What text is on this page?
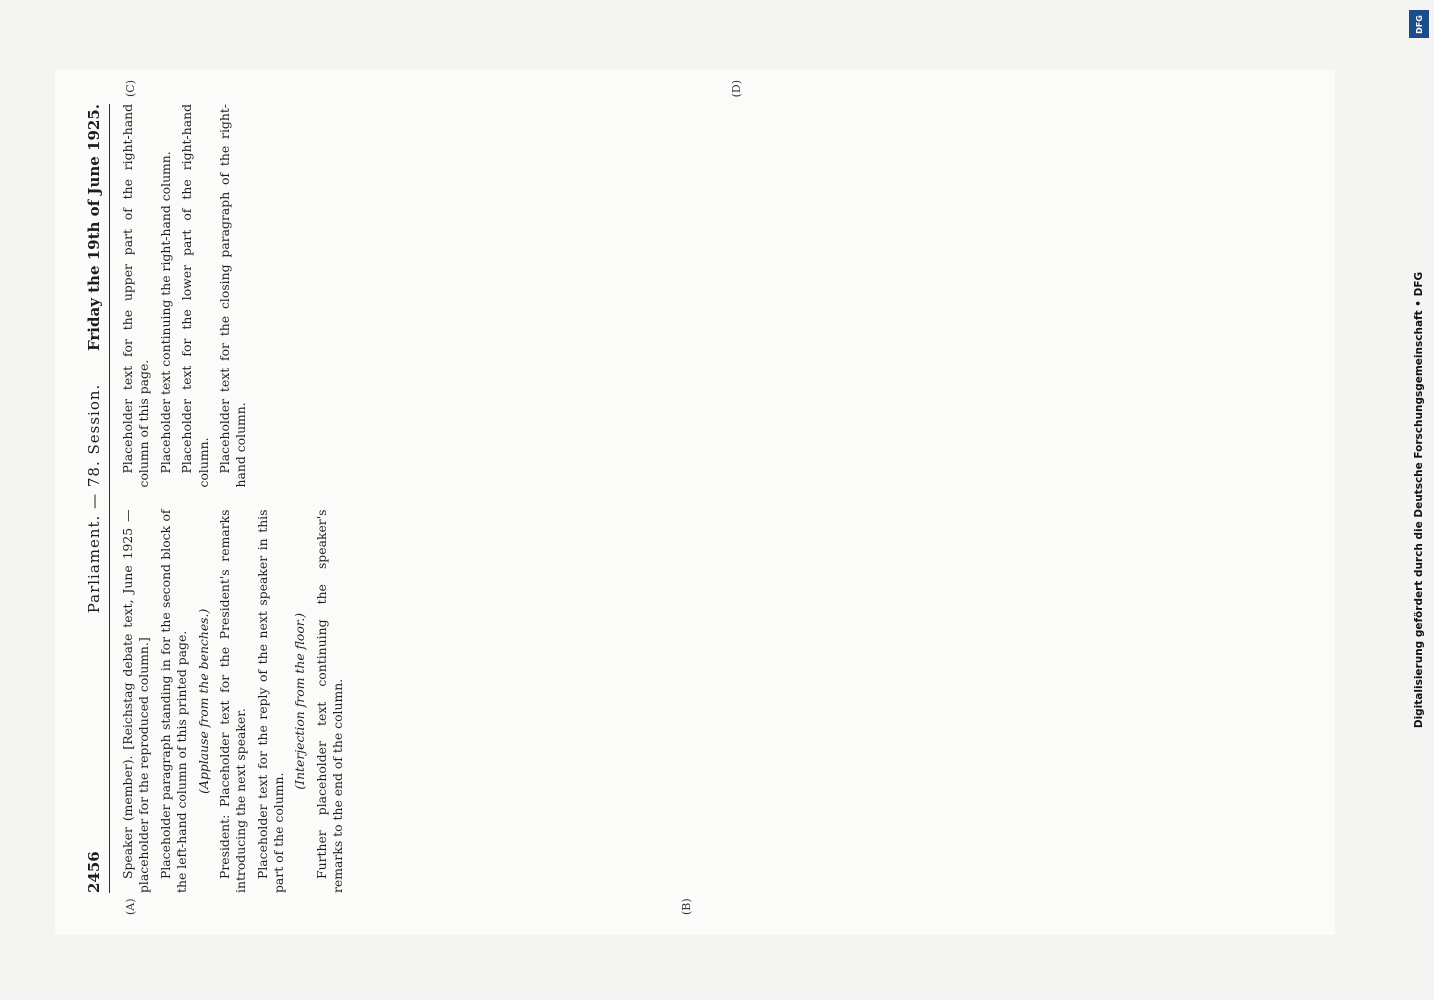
2456
Parliament. — 78. Session.
Friday the 19th of June 1925.
(A)	(B)

Speaker (member). [Reichstag debate text, June 1925 — placeholder for the reproduced column.] Placeholder paragraph standing in for the second block of the left-hand column of this printed page. (Applause from the benches.) President: Placeholder text for the President's remarks introducing the next speaker. Placeholder text for the reply of the next speaker in this part of the column.

(Interjection from the floor.) Further placeholder text continuing the speaker's remarks to the end of the column.

(C)	(D)

Placeholder text for the upper part of the right-hand column of this page. Placeholder text continuing the right-hand column. Placeholder text for the lower part of the right-hand column. Placeholder text for the closing paragraph of the right-hand column.

DFG
Digitalisierung gefördert durch die Deutsche Forschungsgemeinschaft • DFG
